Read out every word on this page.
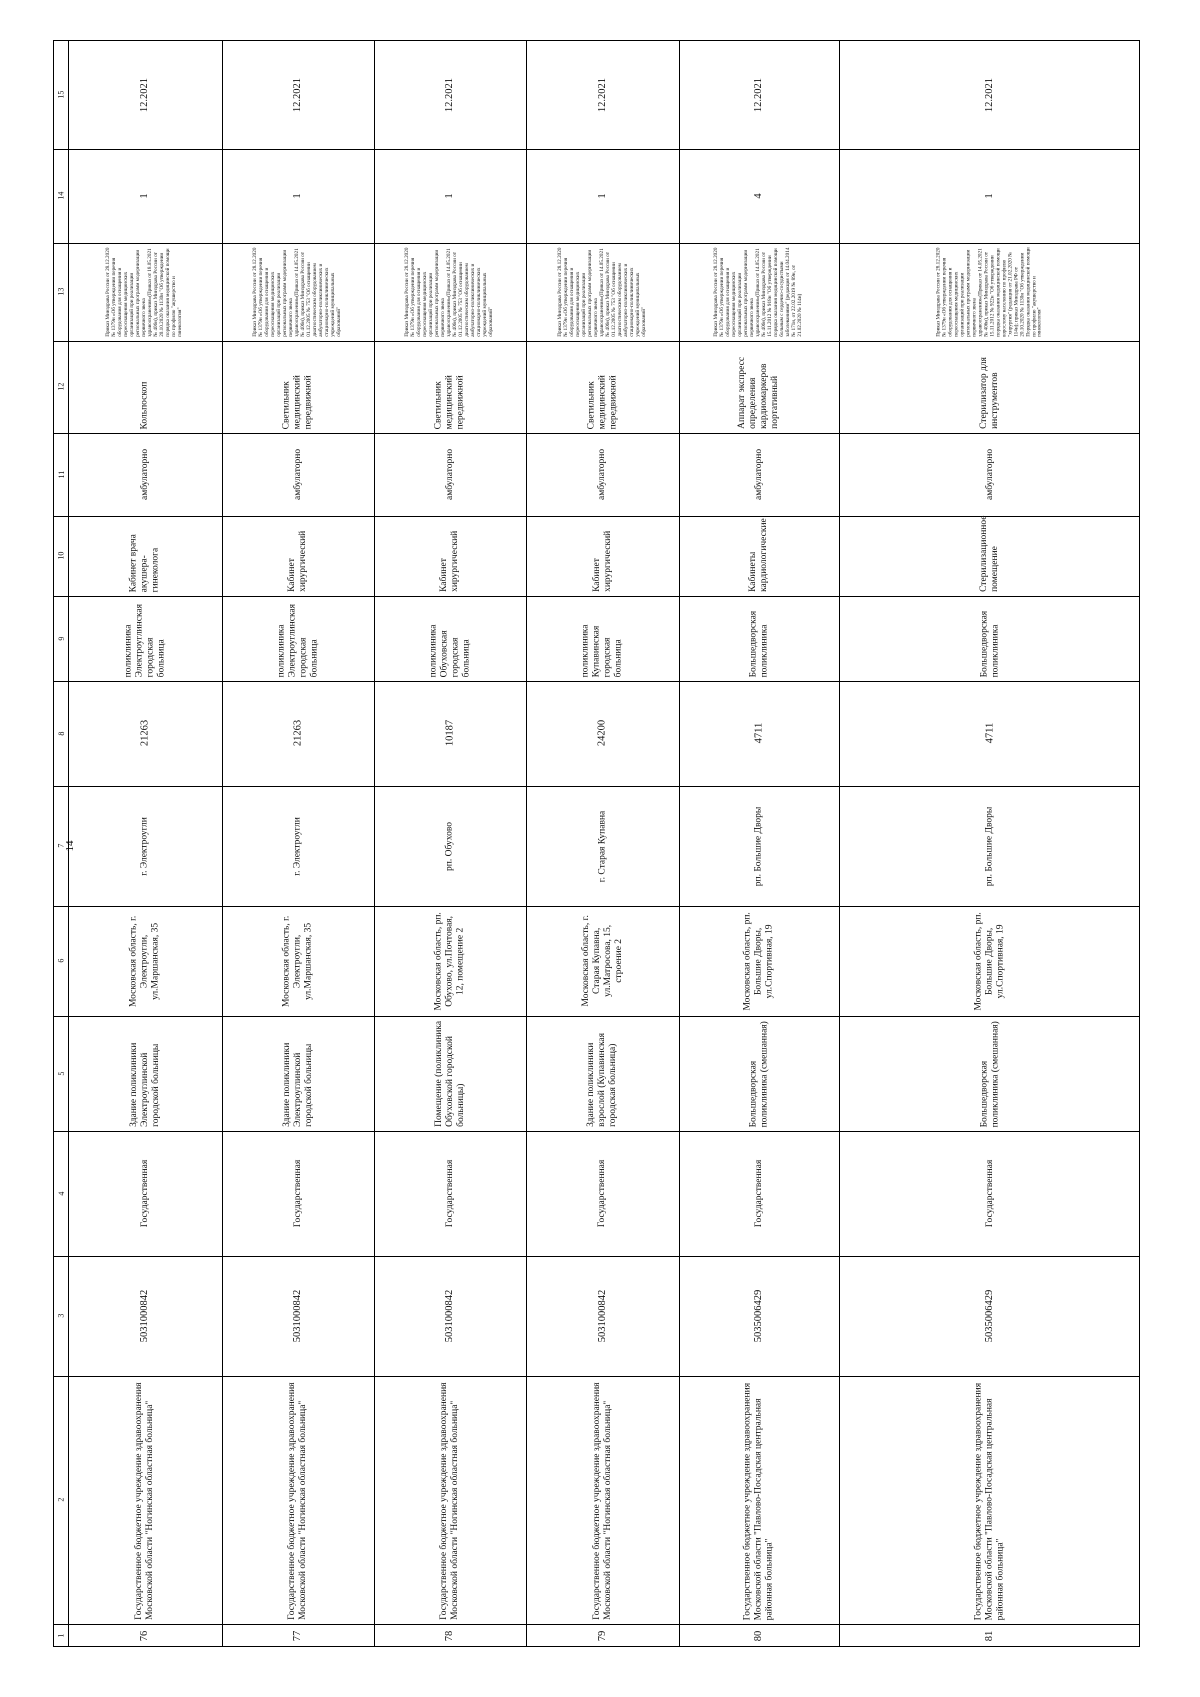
14
15
14
13
12
11
10
9
8
7
6
5
4
3
2
1
12.2021
1
Приказ Минздрава России от 28.12.2020 № 1379н «Об утверждении перечня оборудования для оснащения и переоснащения медицинских организаций при реализации региональных программ модернизации первичного звена здравоохранения»(Приказ от 18.05.2021 № 406н), приказ Минздрава России от 20.10.2020 № 1130н "Об утверждении порядка оказания медицинской помощи по профилю "акушерство и гинекология"
Кольпоскоп
амбулаторно
Кабинет врача акушера-гинеколога
поликлиника Электроуглинская городская больница
21263
г. Электроугли
Московская область, г. Электроугли, ул.Маршанская, 35
Здание поликлиники Электроуглинской городской больницы
Государственная
5031000842
Государственное бюджетное учреждение здравоохранения Московской области "Ногинская областная больница"
76
12.2021
1
Приказ Минздрава России от 28.12.2020 № 1379н «Об утверждении перечня оборудования для оснащения и переоснащения медицинских организаций при реализации региональных программ модернизации первичного звена здравоохранения»(Приказ от 14.05.2021 № 406н), приказ Минздрава России от 01.12.2005 № 753 "Об оснащении диагностическим оборудованием амбулаторно-поликлинических и стационарно-поликлинических учреждений муниципальных образований"
Светильник медицинский передвижной
амбулаторно
Кабинет хирургический
поликлиника Электроуглинская городская больница
21263
г. Электроугли
Московская область, г. Электроугли, ул.Маршанская, 35
Здание поликлиники Электроуглинской городской больницы
Государственная
5031000842
Государственное бюджетное учреждение здравоохранения Московской области "Ногинская областная больница"
77
12.2021
1
Приказ Минздрава России от 28.12.2020 № 1379н «Об утверждении перечня оборудования для оснащения и переоснащения медицинских организаций при реализации региональных программ модернизации первичного звена здравоохранения»(Приказ от 14.05.2021 № 406н), приказ Минздрава России от 01.12.2005 № 753 "Об оснащении диагностическим оборудованием амбулаторно-поликлинических и стационарно-поликлинических учреждений муниципальных образований"
Светильник медицинский передвижной
амбулаторно
Кабинет хирургический
поликлиника Обуховская городская больница
10187
рп. Обухово
Московская область, рп. Обухово, ул.Почтовая, 12, помещение 2
Помещение (поликлиника Обуховской городской больницы)
Государственная
5031000842
Государственное бюджетное учреждение здравоохранения Московской области "Ногинская областная больница"
78
12.2021
1
Приказ Минздрава России от 28.12.2020 № 1379н «Об утверждении перечня оборудования для оснащения и переоснащения медицинских организаций при реализации региональных программ модернизации первичного звена здравоохранения»(Приказ от 14.05.2021 № 406н), приказ Минздрава России от 01.12.2005 № 753 "Об оснащении диагностическим оборудованием амбулаторно-поликлинических и стационарно-поликлинических учреждений муниципальных образований"
Светильник медицинский передвижной
амбулаторно
Кабинет хирургический
поликлиника Купавинская городская больница
24200
г. Старая Купавна
Московская область, г. Старая Купавна, ул.Матросова, 15, строение 2
Здание поликлиники взрослой (Купавинская городская больница)
Государственная
5031000842
Государственное бюджетное учреждение здравоохранения Московской области "Ногинская областная больница"
79
12.2021
4
Приказ Минздрава России от 28.12.2020 № 1379н «Об утверждении перечня оборудования для оснащения и переоснащения медицинских организаций при реализации региональных программ модернизации первичного звена здравоохранения»(Приказ от 14.05.2021 № 406н), приказ Минздрава России от 15.11.2012 № 918н "Об утверждении порядка оказания медицинской помощи больным с сердечно-сосудистыми заболеваниями" (редакция от 14.04.2014 № 171н, от 22.02.2019 № 89н, от 21.02.2020 № 114н)
Аппарат экспресс определения кардиомаркеров портативный
амбулаторно
Кабинеты кардиологические
Большедворская поликлиника
4711
рп. Большие Дворы
Московская область, рп. Большие Дворы, ул.Спортивная, 19
Большедворская поликлиника (смешанная)
Государственная
5035006429
Государственное бюджетное учреждение здравоохранения Московской области "Павлово-Посадская центральная районная больница"
80
12.2021
1
Приказ Минздрава России от 28.12.2020 № 1379н «Об утверждении перечня оборудования для оснащения и переоснащения медицинских организаций при реализации региональных программ модернизации первичного звена здравоохранения»(Приказ от 14.05.2021 № 406н), приказ Минздрава России от 15.11.2012 № 922н "Об утверждении порядка оказания медицинской помощи взрослому населению по профилю "хирургия" (редакция от 21.02.2020 № 114н); приказ Минздрава РФ от 20.10.2020 № 1130н "Об утверждении Порядка оказания медицинской помощи по профилю "акушерство и гинекология"
Стерилизатор для инструментов
амбулаторно
Стерилизационное помещение
Большедворская поликлиника
4711
рп. Большие Дворы
Московская область, рп. Большие Дворы, ул.Спортивная, 19
Большедворская поликлиника (смешанная)
Государственная
5035006429
Государственное бюджетное учреждение здравоохранения Московской области "Павлово-Посадская центральная районная больница"
81
